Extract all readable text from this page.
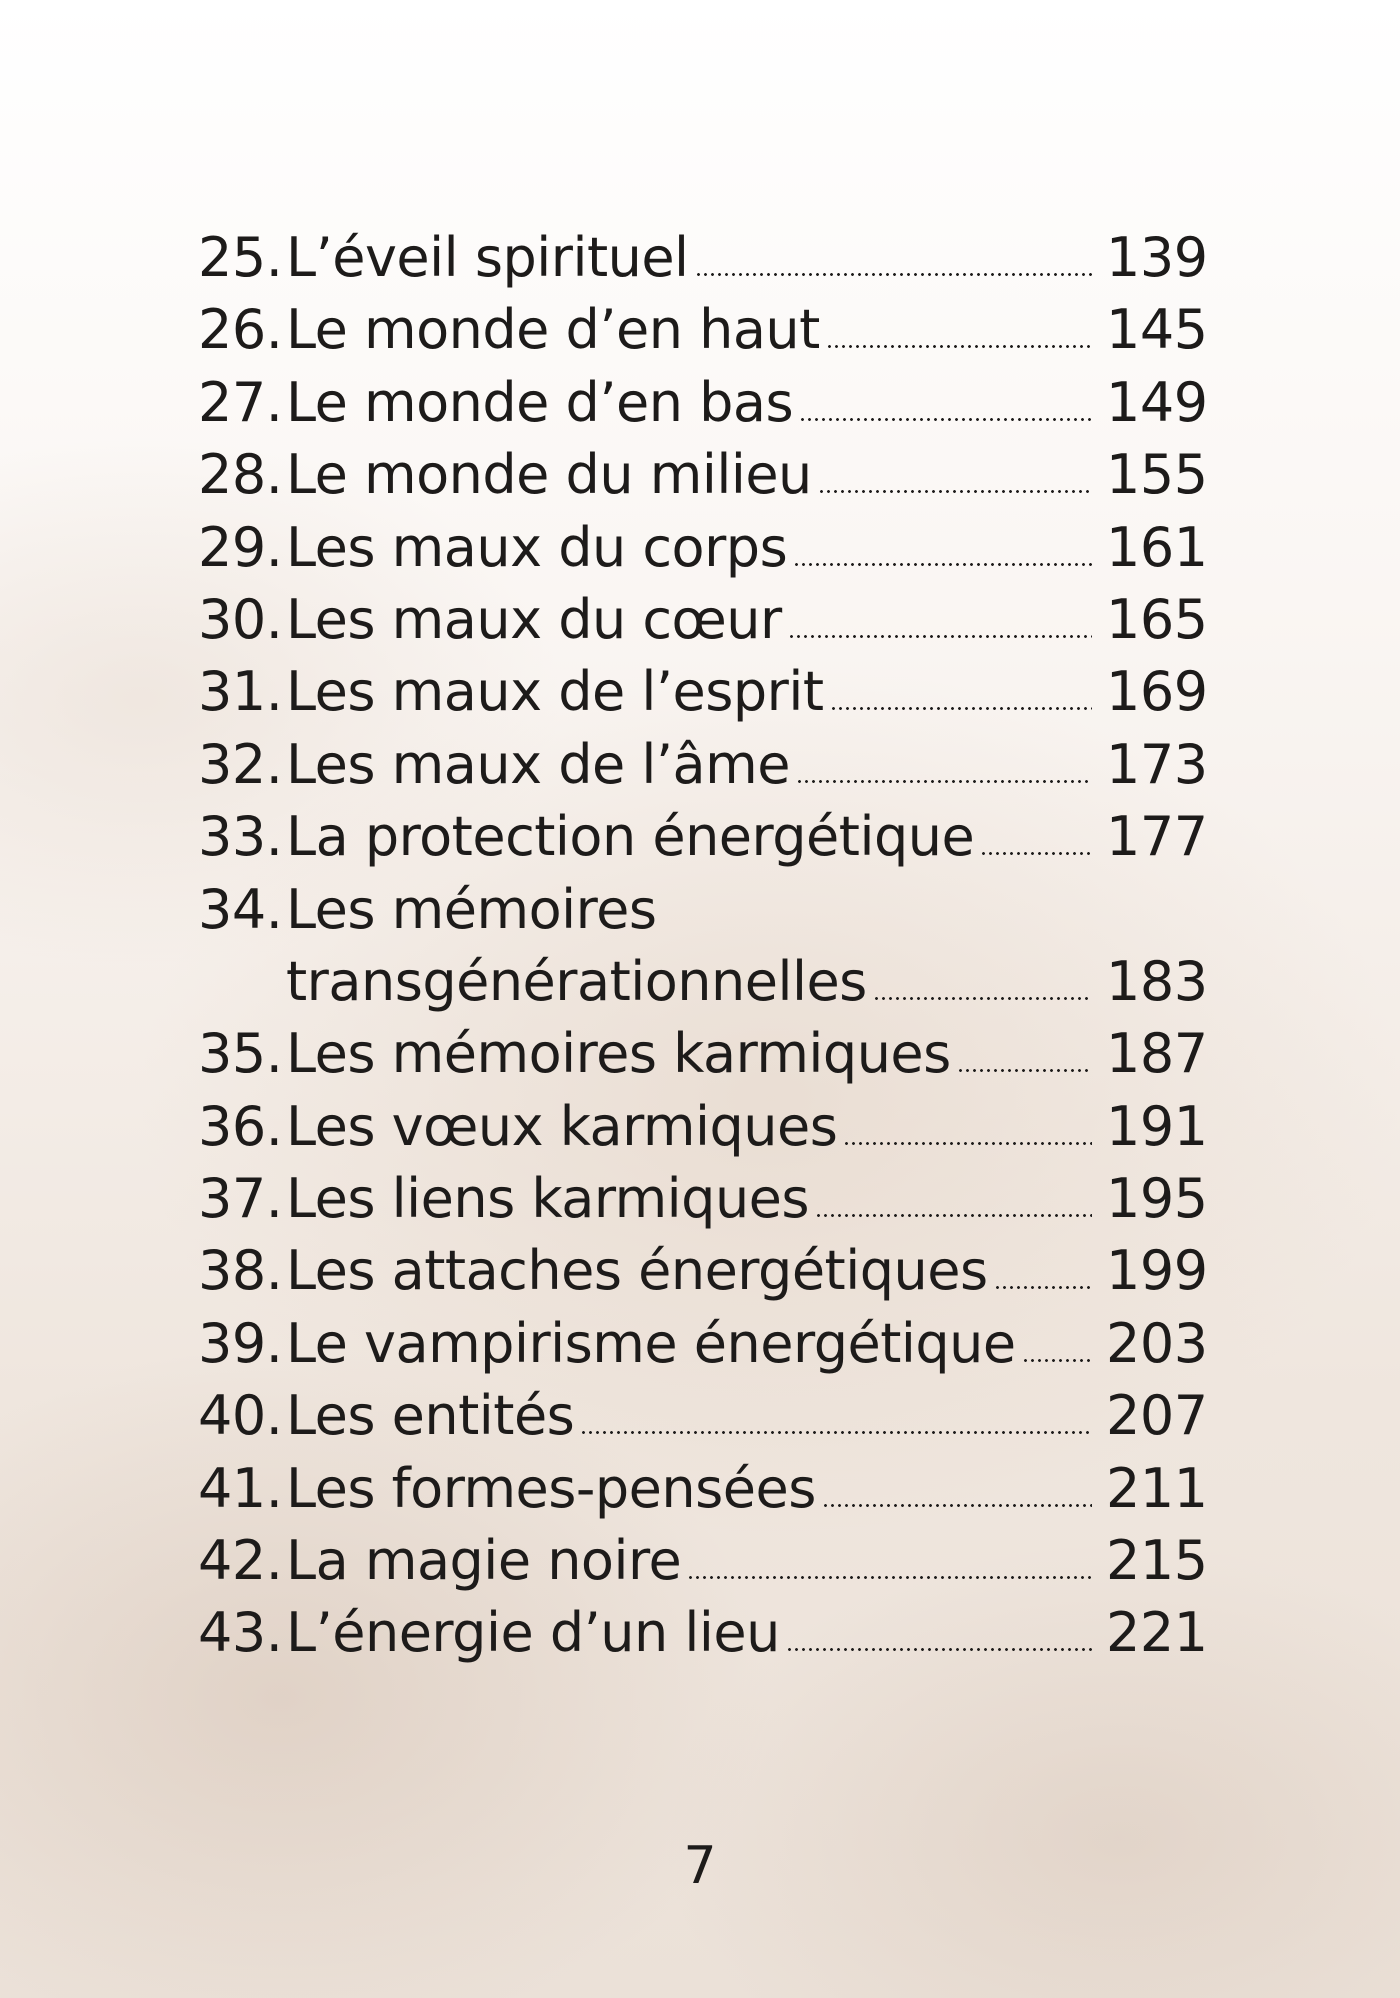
25. L’éveil spirituel	139
26. Le monde d’en haut	145
27. Le monde d’en bas	149
28. Le monde du milieu	155
29. Les maux du corps	161
30. Les maux du cœur	165
31. Les maux de l’esprit	169
32. Les maux de l’âme	173
33. La protection énergétique 177
34. Les mémoires
transgénérationnelles	183
35. Les mémoires karmiques	187
36. Les vœux karmiques	191
37. Les liens karmiques	195
38. Les attaches énergétiques 199
39. Le vampirisme énergétique 203
40. Les entités	207
41. Les formes-pensées	211
42. La magie noire	215
43. L’énergie d’un lieu	221
7
